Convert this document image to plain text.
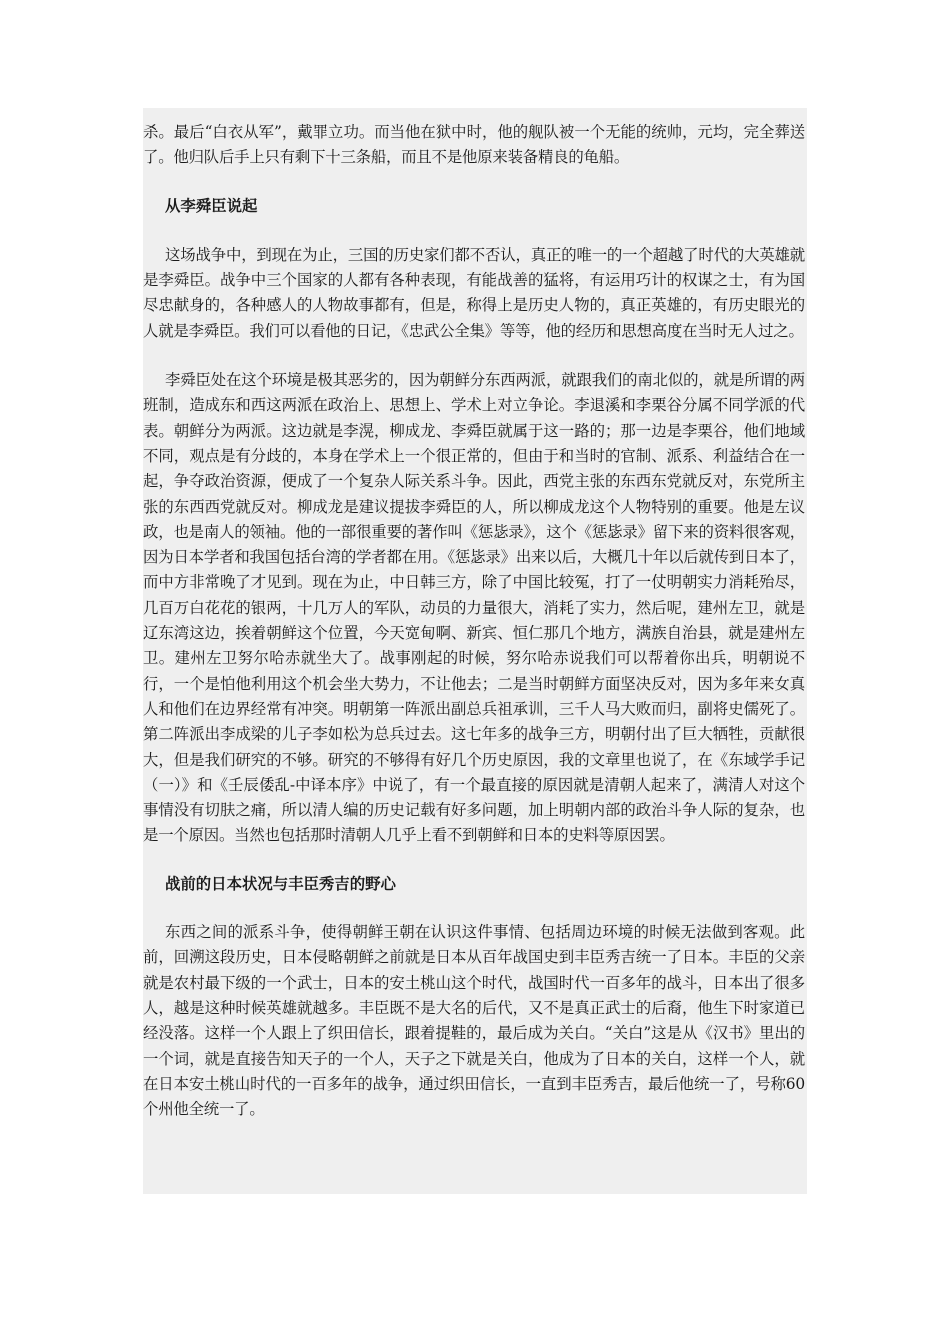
杀。最后“白衣从军”，戴罪立功。而当他在狱中时，他的舰队被一个无能的统帅，元均，完全葬送了。他归队后手上只有剩下十三条船，而且不是他原来装备精良的龟船。

从李舜臣说起

这场战争中，到现在为止，三国的历史家们都不否认，真正的唯一的一个超越了时代的大英雄就是李舜臣。战争中三个国家的人都有各种表现，有能战善的猛将，有运用巧计的权谋之士，有为国尽忠献身的，各种感人的人物故事都有，但是，称得上是历史人物的，真正英雄的，有历史眼光的人就是李舜臣。我们可以看他的日记，《忠武公全集》等等，他的经历和思想高度在当时无人过之。

李舜臣处在这个环境是极其恶劣的，因为朝鲜分东西两派，就跟我们的南北似的，就是所谓的两班制，造成东和西这两派在政治上、思想上、学术上对立争论。李退溪和李栗谷分属不同学派的代表。朝鲜分为两派。这边就是李滉，柳成龙、李舜臣就属于这一路的；那一边是李栗谷，他们地域不同，观点是有分歧的，本身在学术上一个很正常的，但由于和当时的官制、派系、利益结合在一起，争夺政治资源，便成了一个复杂人际关系斗争。因此，西党主张的东西东党就反对，东党所主张的东西西党就反对。柳成龙是建议提拔李舜臣的人，所以柳成龙这个人物特别的重要。他是左议政，也是南人的领袖。他的一部很重要的著作叫《惩毖录》，这个《惩毖录》留下来的资料很客观，因为日本学者和我国包括台湾的学者都在用。《惩毖录》出来以后，大概几十年以后就传到日本了，而中方非常晚了才见到。现在为止，中日韩三方，除了中国比较冤，打了一仗明朝实力消耗殆尽，几百万白花花的银两，十几万人的军队，动员的力量很大，消耗了实力，然后呢，建州左卫，就是辽东湾这边，挨着朝鲜这个位置，今天宽甸啊、新宾、恒仁那几个地方，满族自治县，就是建州左卫。建州左卫努尔哈赤就坐大了。战事刚起的时候，努尔哈赤说我们可以帮着你出兵，明朝说不行，一个是怕他利用这个机会坐大势力，不让他去；二是当时朝鲜方面坚决反对，因为多年来女真人和他们在边界经常有冲突。明朝第一阵派出副总兵祖承训，三千人马大败而归，副将史儒死了。第二阵派出李成梁的儿子李如松为总兵过去。这七年多的战争三方，明朝付出了巨大牺牲，贡献很大，但是我们研究的不够。研究的不够得有好几个历史原因，我的文章里也说了，在《东域学手记（一）》和《壬辰倭乱-中译本序》中说了，有一个最直接的原因就是清朝人起来了，满清人对这个事情没有切肤之痛，所以清人编的历史记载有好多问题，加上明朝内部的政治斗争人际的复杂，也是一个原因。当然也包括那时清朝人几乎上看不到朝鲜和日本的史料等原因罢。

战前的日本状况与丰臣秀吉的野心

东西之间的派系斗争，使得朝鲜王朝在认识这件事情、包括周边环境的时候无法做到客观。此前，回溯这段历史，日本侵略朝鲜之前就是日本从百年战国史到丰臣秀吉统一了日本。丰臣的父亲就是农村最下级的一个武士，日本的安土桃山这个时代，战国时代一百多年的战斗，日本出了很多人，越是这种时候英雄就越多。丰臣既不是大名的后代，又不是真正武士的后裔，他生下时家道已经没落。这样一个人跟上了织田信长，跟着提鞋的，最后成为关白。“关白”这是从《汉书》里出的一个词，就是直接告知天子的一个人，天子之下就是关白，他成为了日本的关白，这样一个人，就在日本安土桃山时代的一百多年的战争，通过织田信长，一直到丰臣秀吉，最后他统一了，号称60个州他全统一了。
